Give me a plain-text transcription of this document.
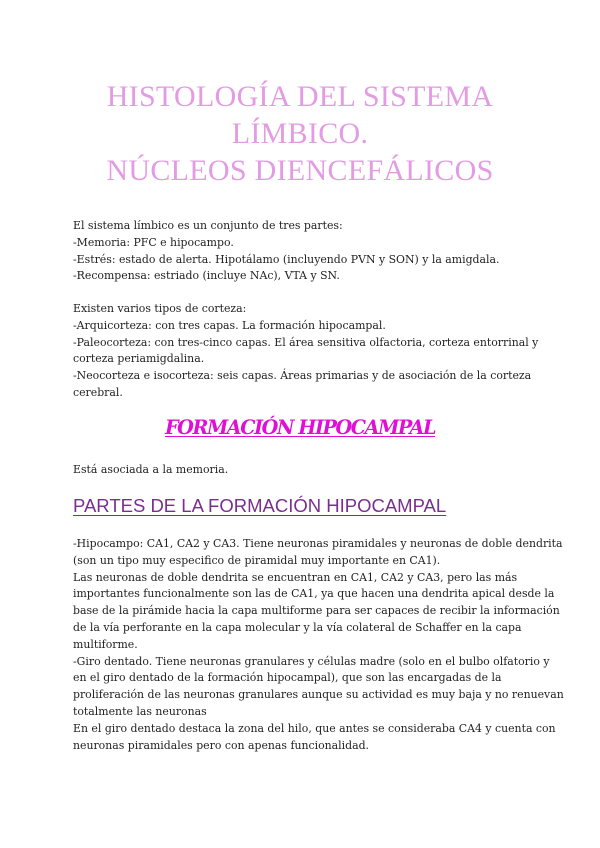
HISTOLOGÍA DEL SISTEMA
LÍMBICO.
NÚCLEOS DIENCEFÁLICOS
El sistema límbico es un conjunto de tres partes:
-Memoria: PFC e hipocampo.
-Estrés: estado de alerta. Hipotálamo (incluyendo PVN y SON) y la amigdala.
-Recompensa: estriado (incluye NAc), VTA y SN.
Existen varios tipos de corteza:
-Arquicorteza: con tres capas. La formación hipocampal.
-Paleocorteza: con tres-cinco capas. El área sensitiva olfactoria, corteza entorrinal y
corteza periamigdalina.
-Neocorteza e isocorteza: seis capas. Áreas primarias y de asociación de la corteza
cerebral.
FORMACIÓN HIPOCAMPAL
Está asociada a la memoria.
PARTES DE LA FORMACIÓN HIPOCAMPAL
-Hipocampo: CA1, CA2 y CA3. Tiene neuronas piramidales y neuronas de doble dendrita
(son un tipo muy especifico de piramidal muy importante en CA1).
Las neuronas de doble dendrita se encuentran en CA1, CA2 y CA3, pero las más
importantes funcionalmente son las de CA1, ya que hacen una dendrita apical desde la
base de la pirámide hacia la capa multiforme para ser capaces de recibir la información
de la vía perforante en la capa molecular y la vía colateral de Schaffer en la capa
multiforme.
-Giro dentado. Tiene neuronas granulares y células madre (solo en el bulbo olfatorio y
en el giro dentado de la formación hipocampal), que son las encargadas de la
proliferación de las neuronas granulares aunque su actividad es muy baja y no renuevan
totalmente las neuronas
En el giro dentado destaca la zona del hilo, que antes se consideraba CA4 y cuenta con
neuronas piramidales pero con apenas funcionalidad.
